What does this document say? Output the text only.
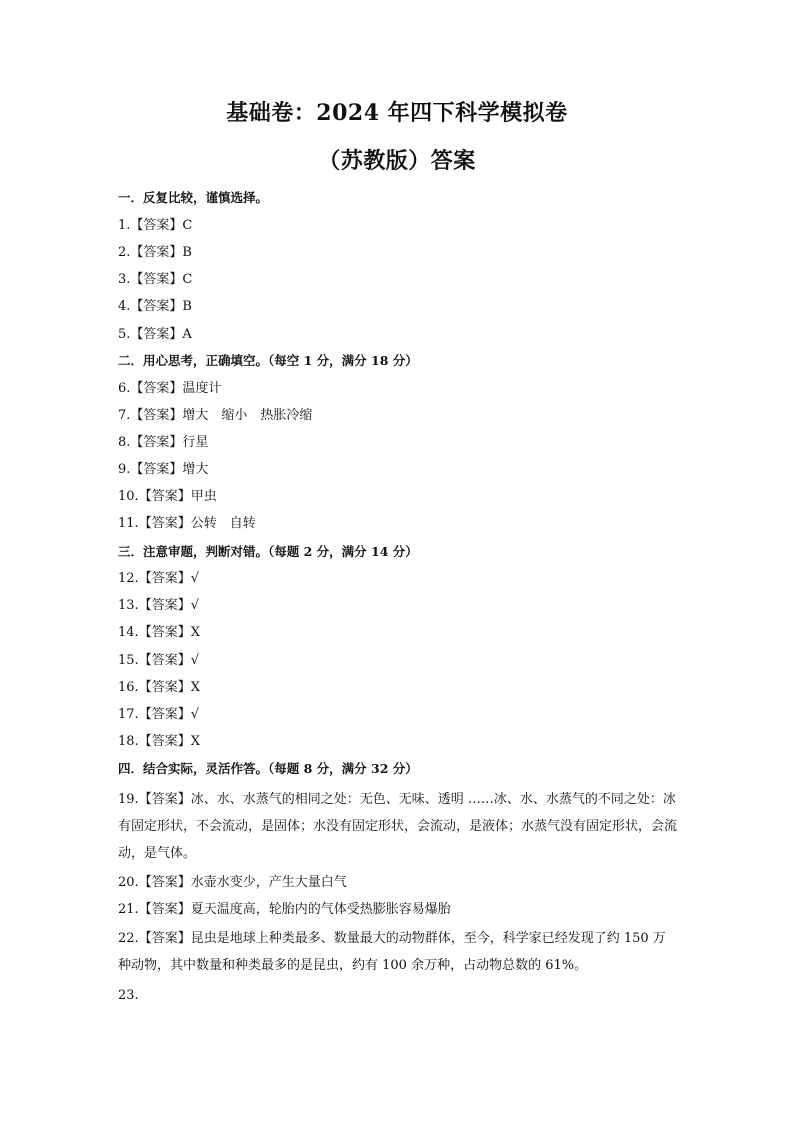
基础卷：2024 年四下科学模拟卷
（苏教版）答案
一．反复比较，谨慎选择。
1.【答案】C
2.【答案】B
3.【答案】C
4.【答案】B
5.【答案】A
二．用心思考，正确填空。（每空 1 分，满分 18 分）
6.【答案】温度计
7.【答案】增大　缩小　热胀冷缩
8.【答案】行星
9.【答案】增大
10.【答案】甲虫
11.【答案】公转　自转
三．注意审题，判断对错。（每题 2 分，满分 14 分）
12.【答案】√
13.【答案】√
14.【答案】X
15.【答案】√
16.【答案】X
17.【答案】√
18.【答案】X
四．结合实际，灵活作答。（每题 8 分，满分 32 分）
19.【答案】冰、水、水蒸气的相同之处：无色、无味、透明 ……冰、水、水蒸气的不同之处：冰有固定形状，不会流动，是固体；水没有固定形状，会流动，是液体；水蒸气没有固定形状，会流动，是气体。
20.【答案】水壶水变少，产生大量白气
21.【答案】夏天温度高，轮胎内的气体受热膨胀容易爆胎
22.【答案】昆虫是地球上种类最多、数量最大的动物群体，至今，科学家已经发现了约 150 万种动物，其中数量和种类最多的是昆虫，约有 100 余万种，占动物总数的 61%。
23.
